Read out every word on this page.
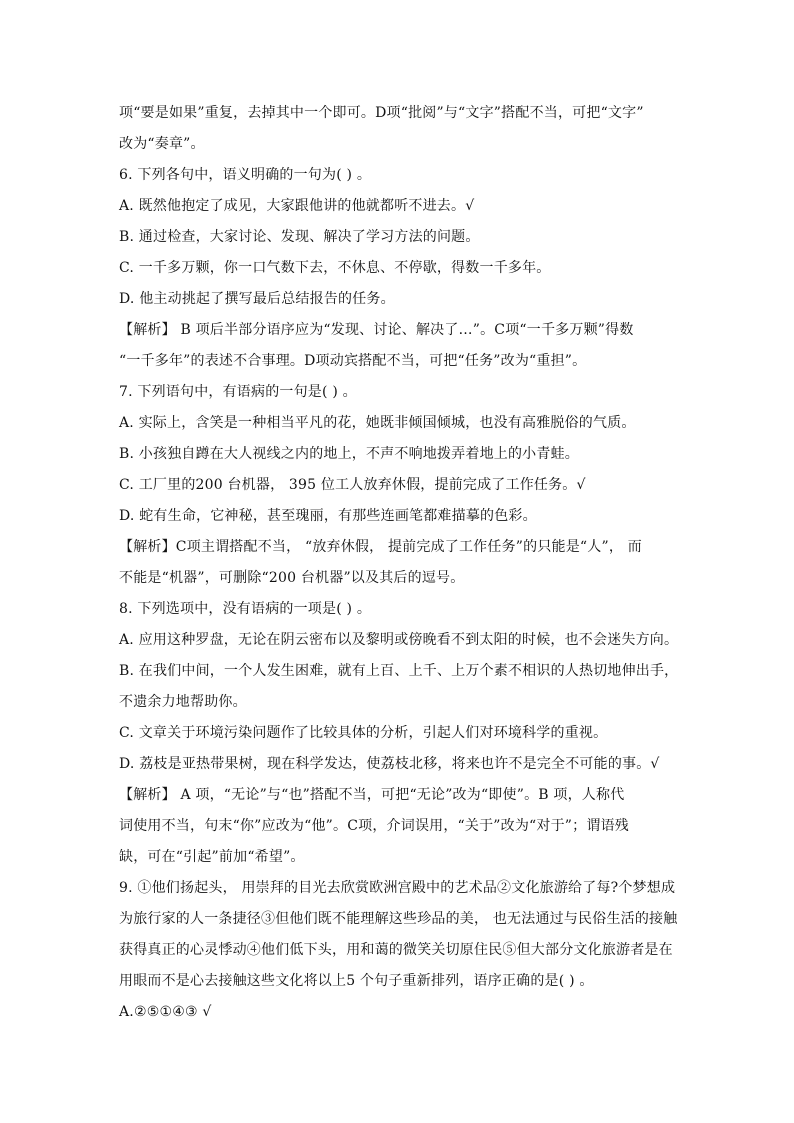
项“要是如果”重复，去掉其中一个即可。D项“批阅”与“文字”搭配不当，可把“文字”
改为“奏章”。
6. 下列各句中，语义明确的一句为( ) 。
A. 既然他抱定了成见，大家跟他讲的他就都听不进去。√
B. 通过检查，大家讨论、发现、解决了学习方法的问题。
C. 一千多万颗，你一口气数下去，不休息、不停歇，得数一千多年。
D. 他主动挑起了撰写最后总结报告的任务。
【解析】 B 项后半部分语序应为“发现、讨论、解决了…”。C项“一千多万颗”得数
“一千多年”的表述不合事理。D项动宾搭配不当，可把“任务”改为“重担”。
7. 下列语句中，有语病的一句是( ) 。
A. 实际上，含笑是一种相当平凡的花，她既非倾国倾城，也没有高雅脱俗的气质。
B. 小孩独自蹲在大人视线之内的地上，不声不响地拨弄着地上的小青蛙。
C. 工厂里的200 台机器， 395 位工人放弃休假，提前完成了工作任务。√
D. 蛇有生命，它神秘，甚至瑰丽，有那些连画笔都难描摹的色彩。
【解析】C项主谓搭配不当， “放弃休假， 提前完成了工作任务”的只能是“人”， 而
不能是“机器”，可删除“200 台机器”以及其后的逗号。
8. 下列选项中，没有语病的一项是( ) 。
A. 应用这种罗盘，无论在阴云密布以及黎明或傍晚看不到太阳的时候，也不会迷失方向。
B. 在我们中间，一个人发生困难，就有上百、上千、上万个素不相识的人热切地伸出手，
不遗余力地帮助你。
C. 文章关于环境污染问题作了比较具体的分析，引起人们对环境科学的重视。
D. 荔枝是亚热带果树，现在科学发达，使荔枝北移，将来也许不是完全不可能的事。√
【解析】 A 项，“无论”与“也”搭配不当，可把“无论”改为“即使”。B 项，人称代
词使用不当，句末“你”应改为“他”。C项，介词误用，“关于”改为“对于”；谓语残
缺，可在“引起”前加“希望”。
9. ①他们扬起头， 用崇拜的目光去欣赏欧洲宫殿中的艺术品②文化旅游给了每?个梦想成
为旅行家的人一条捷径③但他们既不能理解这些珍品的美， 也无法通过与民俗生活的接触
获得真正的心灵悸动④他们低下头，用和蔼的微笑关切原住民⑤但大部分文化旅游者是在
用眼而不是心去接触这些文化将以上5 个句子重新排列，语序正确的是( ) 。
A.②⑤①④③ √
